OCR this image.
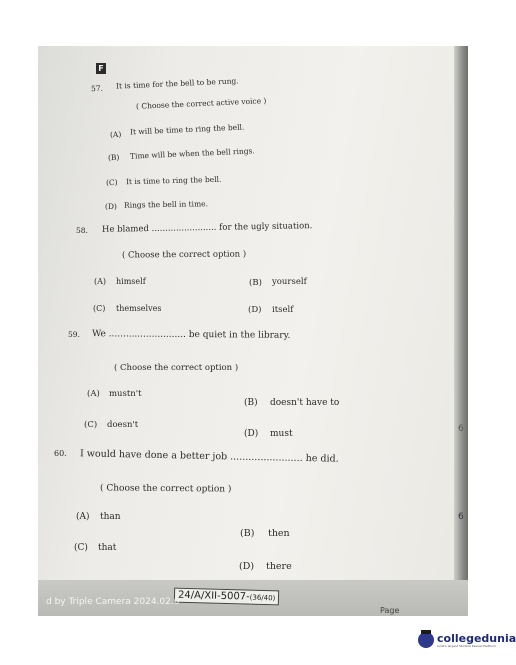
F
57. It is time for the bell to be rung.
( Choose the correct active voice )
(A) It will be time to ring the bell.
(B) Time will be when the bell rings.
(C) It is time to ring the bell.
(D) Rings the bell in time.
58. He blamed ........................ for the ugly situation.
( Choose the correct option )
(A) himself	(B) yourself
(C) themselves	(D) itself
59. We ........................... be quiet in the library.
( Choose the correct option )
(A) mustn't
(B) doesn't have to
(C) doesn't
(D) must
60. I would have done a better job ........................ he did.
( Choose the correct option )
(A) than
(B) then
(C) that
(D) there
24/A/XII-5007-(36/40)
Page
6
6
d by Triple Camera 2024.02.0
collegedunia
India's largest Student Review Platform
